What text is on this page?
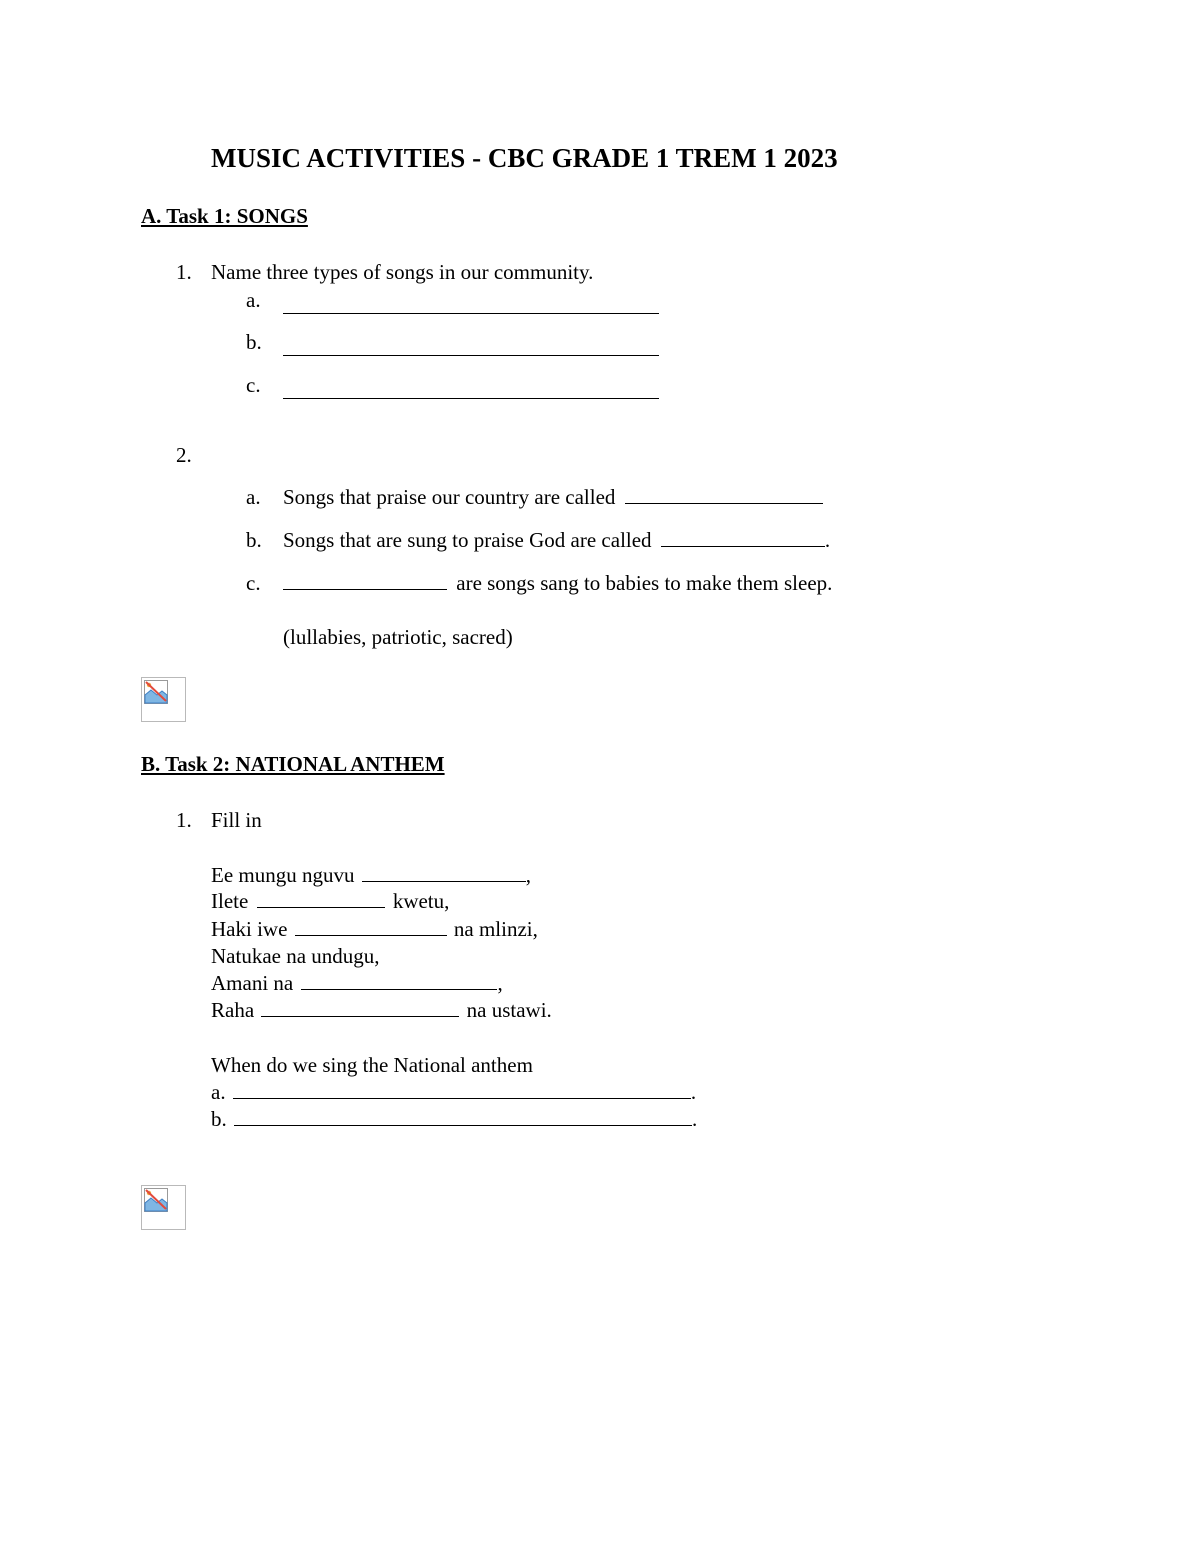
MUSIC ACTIVITIES - CBC GRADE 1 TREM 1 2023
A. Task 1: SONGS
1. Name three types of songs in our community.
a.
b.
c.
2.
a. Songs that praise our country are called
b. Songs that are sung to praise God are called	.
c.	are songs sang to babies to make them sleep.
(lullabies, patriotic, sacred)
B. Task 2: NATIONAL ANTHEM
1. Fill in
Ee mungu nguvu	,
Ilete	kwetu,
Haki iwe	na mlinzi,
Natukae na undugu,
Amani na	,
Raha	na ustawi.
When do we sing the National anthem
a.	.
b.	.
